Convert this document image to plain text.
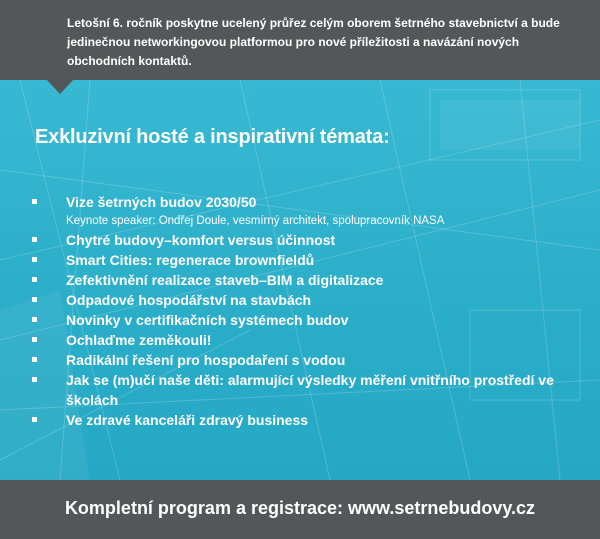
Letošní 6. ročník poskytne ucelený průřez celým oborem šetrného stavebnictví a bude jedinečnou networkingovou platformou pro nové příležitosti a navázání nových obchodních kontaktů.

Exkluzivní hosté a inspirativní témata:
Vize šetrných budov 2030/50
Keynote speaker: Ondřej Doule, vesmírný architekt, spolupracovník NASA
Chytré budovy–komfort versus účinnost
Smart Cities: regenerace brownfieldů
Zefektivnění realizace staveb–BIM a digitalizace
Odpadové hospodářství na stavbách
Novinky v certifikačních systémech budov
Ochlaďme zeměkouli!
Radikální řešení pro hospodaření s vodou
Jak se (m)učí naše děti: alarmující výsledky měření vnitřního prostředí ve školách
Ve zdravé kanceláři zdravý business

Kompletní program a registrace: www.setrnebudovy.cz
